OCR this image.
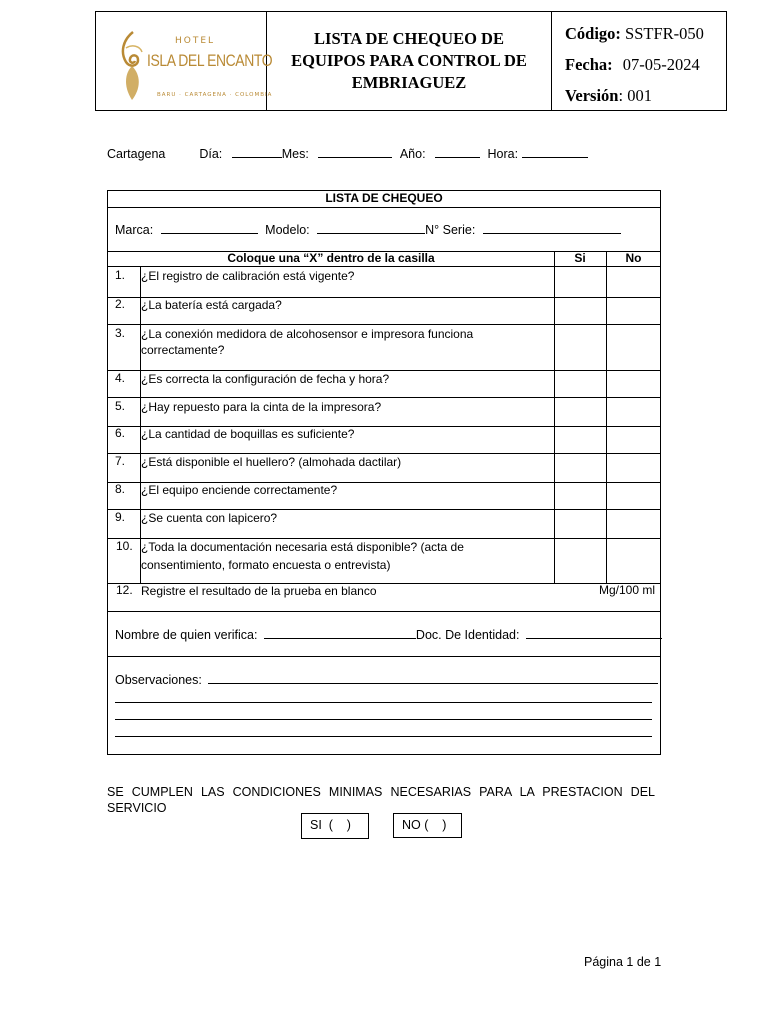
HOTEL
ISLA DEL ENCANTO
BARU · CARTAGENA · COLOMBIA
LISTA DE CHEQUEO DE EQUIPOS PARA CONTROL DE EMBRIAGUEZ
Código: SSTFR-050
Fecha: 07-05-2024
Versión: 001
Cartagena	Día:	Mes:	Año:	Hora:
LISTA DE CHEQUEO
Marca:	Modelo:	N° Serie:
Coloque una “X” dentro de la casilla	Si	No
1. ¿El registro de calibración está vigente?
2. ¿La batería está cargada?
3. ¿La conexión medidora de alcohosensor e impresora funciona correctamente?
4. ¿Es correcta la configuración de fecha y hora?
5. ¿Hay repuesto para la cinta de la impresora?
6. ¿La cantidad de boquillas es suficiente?
7. ¿Está disponible el huellero? (almohada dactilar)
8. ¿El equipo enciende correctamente?
9. ¿Se cuenta con lapicero?
10. ¿Toda la documentación necesaria está disponible? (acta de consentimiento, formato encuesta o entrevista)
12. Registre el resultado de la prueba en blanco	Mg/100 ml
Nombre de quien verifica:	Doc. De Identidad:
Observaciones:
SE CUMPLEN LAS CONDICIONES MINIMAS NECESARIAS PARA LA PRESTACION DEL SERVICIO
SI  (    )	NO (    )
Página 1 de 1
